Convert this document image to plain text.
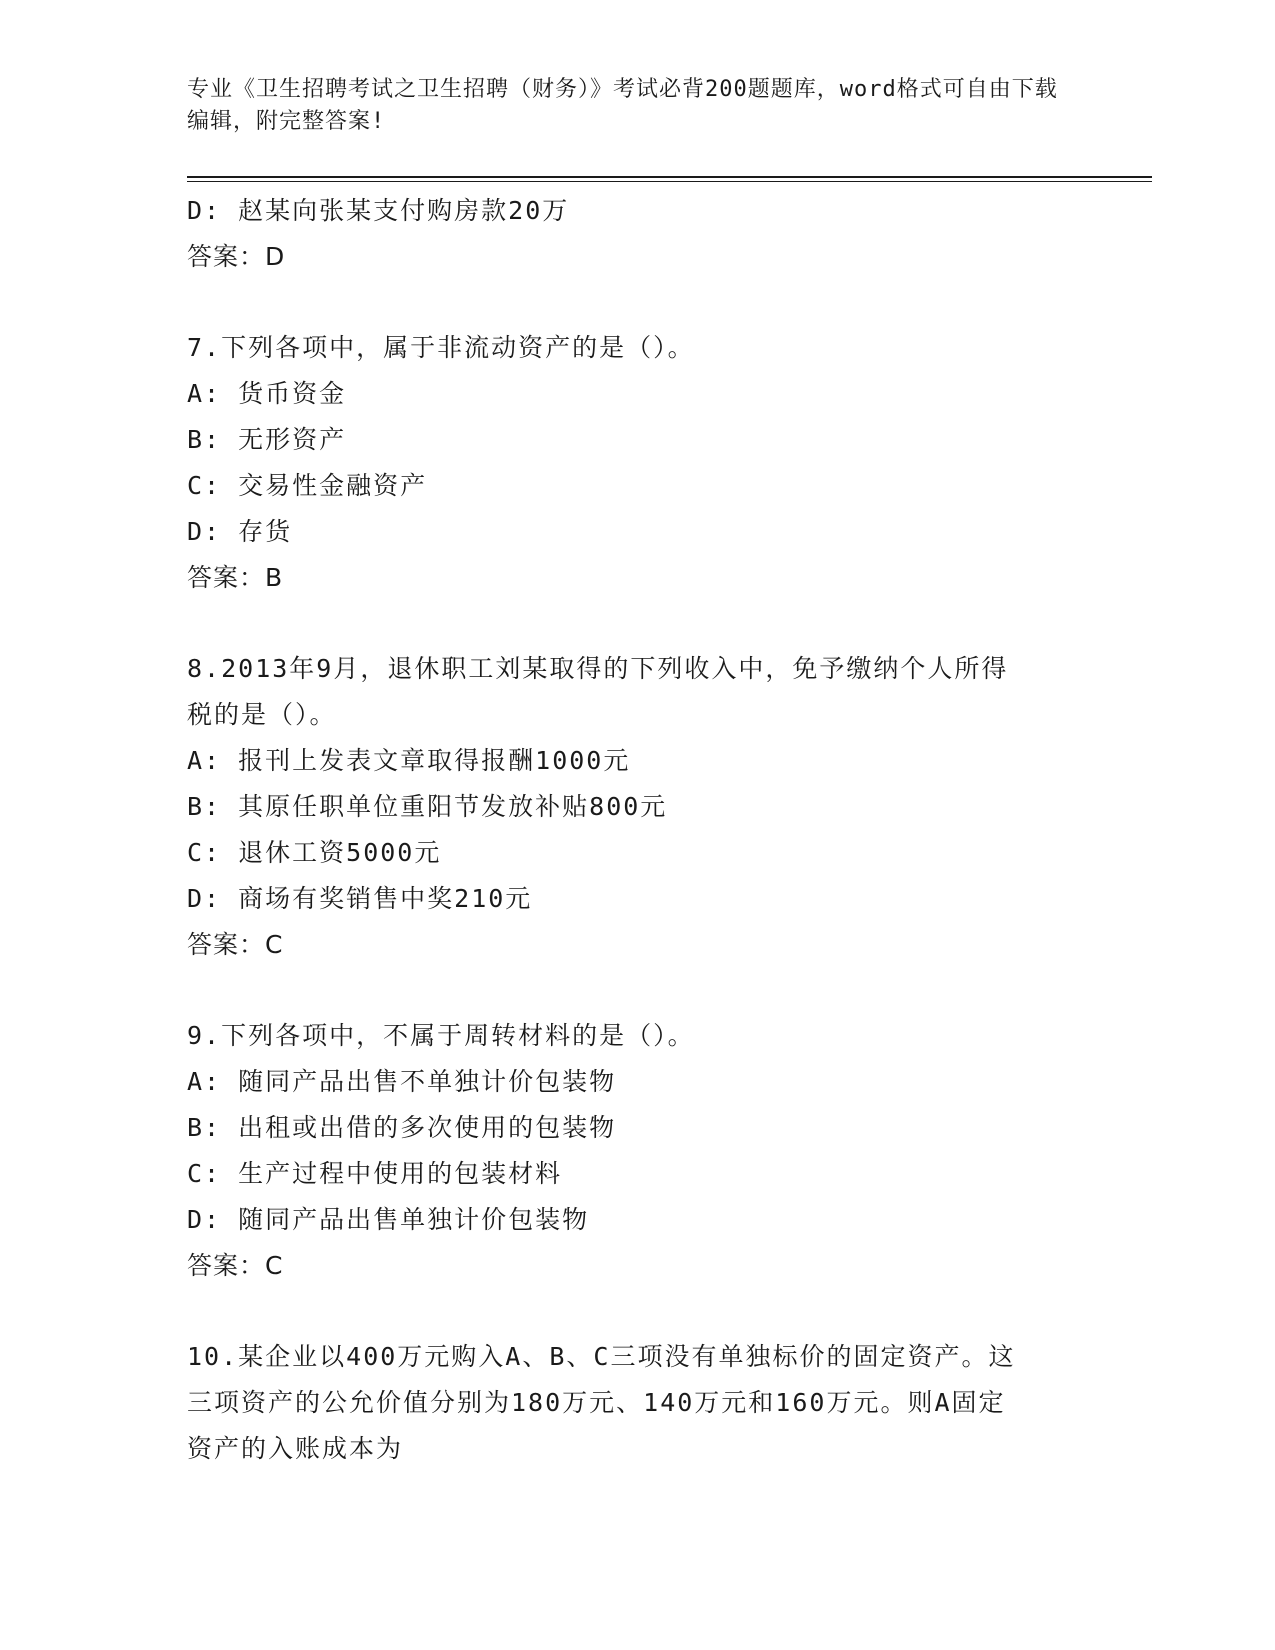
专业《卫生招聘考试之卫生招聘（财务）》考试必背200题题库，word格式可自由下载编辑，附完整答案!
D: 赵某向张某支付购房款20万
答案：D
7.下列各项中，属于非流动资产的是（）。
A: 货币资金
B: 无形资产
C: 交易性金融资产
D: 存货
答案：B
8.2013年9月，退休职工刘某取得的下列收入中，免予缴纳个人所得
税的是（）。
A: 报刊上发表文章取得报酬1000元
B: 其原任职单位重阳节发放补贴800元
C: 退休工资5000元
D: 商场有奖销售中奖210元
答案：C
9.下列各项中，不属于周转材料的是（）。
A: 随同产品出售不单独计价包装物
B: 出租或出借的多次使用的包装物
C: 生产过程中使用的包装材料
D: 随同产品出售单独计价包装物
答案：C
10.某企业以400万元购入A、B、C三项没有单独标价的固定资产。这
三项资产的公允价值分别为180万元、140万元和160万元。则A固定
资产的入账成本为
